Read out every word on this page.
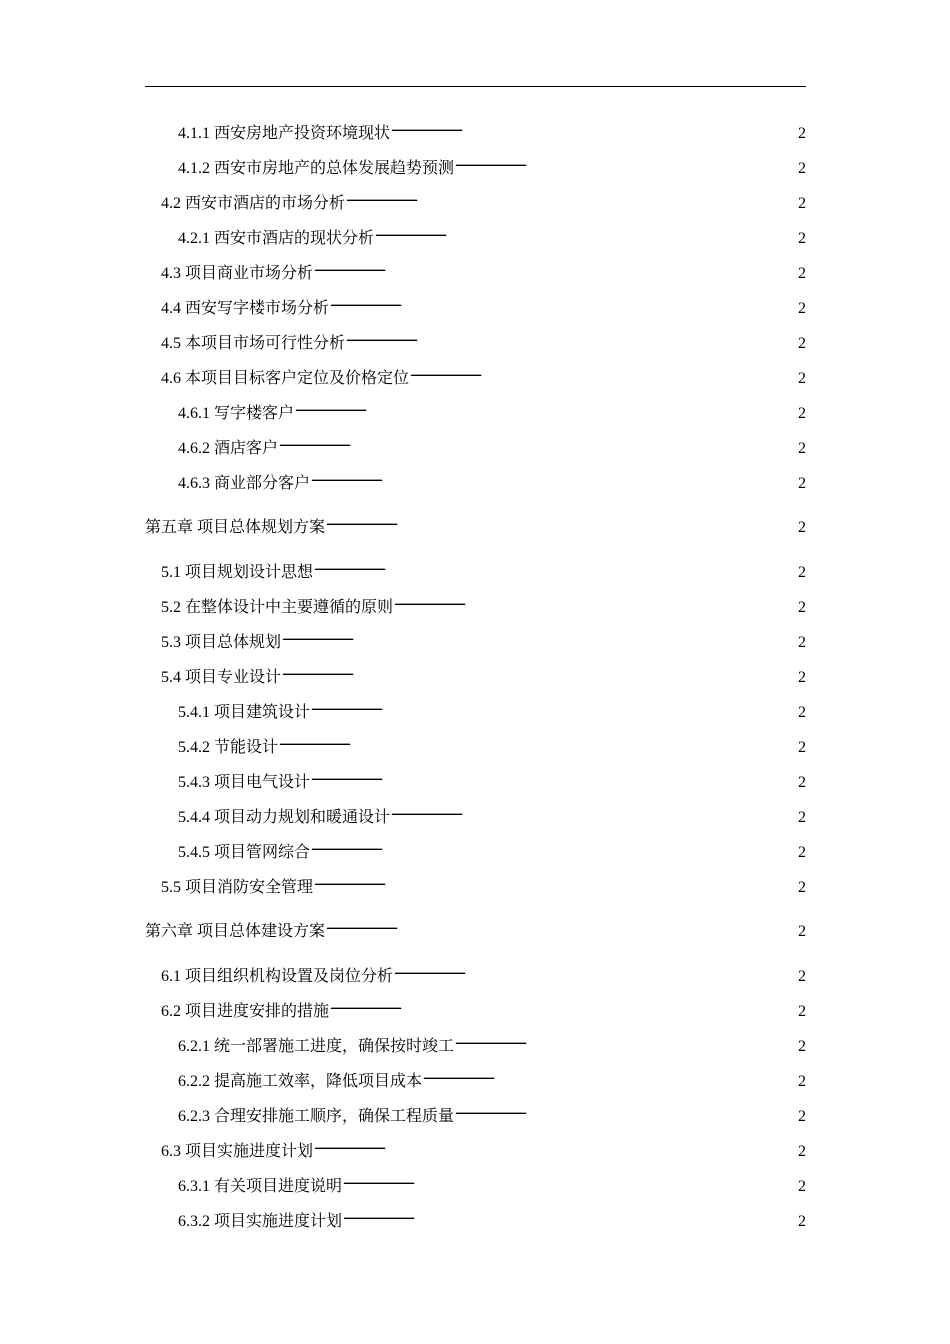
4.1.1 西安房地产投资环境现状 . . .	2
4.1.2 西安市房地产的总体发展趋势预测 . . .	2
4.2 西安市酒店的市场分析 . . .	2
4.2.1 西安市酒店的现状分析 . . .	2
4.3 项目商业市场分析 . . .	2
4.4 西安写字楼市场分析 . . .	2
4.5 本项目市场可行性分析 . . .	2
4.6 本项目目标客户定位及价格定位 . . .	2
4.6.1 写字楼客户 . . .	2
4.6.2 酒店客户 . . .	2
4.6.3 商业部分客户 . . .	2
第五章 项目总体规划方案 . . .	2
5.1 项目规划设计思想 . . .	2
5.2 在整体设计中主要遵循的原则 . . .	2
5.3 项目总体规划 . . .	2
5.4 项目专业设计 . . .	2
5.4.1 项目建筑设计 . . .	2
5.4.2 节能设计 . . .	2
5.4.3 项目电气设计 . . .	2
5.4.4 项目动力规划和暖通设计 . . .	2
5.4.5 项目管网综合 . . .	2
5.5 项目消防安全管理 . . .	2
第六章 项目总体建设方案 . . .	2
6.1 项目组织机构设置及岗位分析 . . .	2
6.2 项目进度安排的措施 . . .	2
6.2.1 统一部署施工进度，确保按时竣工 . . .	2
6.2.2 提高施工效率，降低项目成本 . . .	2
6.2.3 合理安排施工顺序，确保工程质量 . . .	2
6.3 项目实施进度计划 . . .	2
6.3.1 有关项目进度说明 . . .	2
6.3.2 项目实施进度计划 . . .	2
